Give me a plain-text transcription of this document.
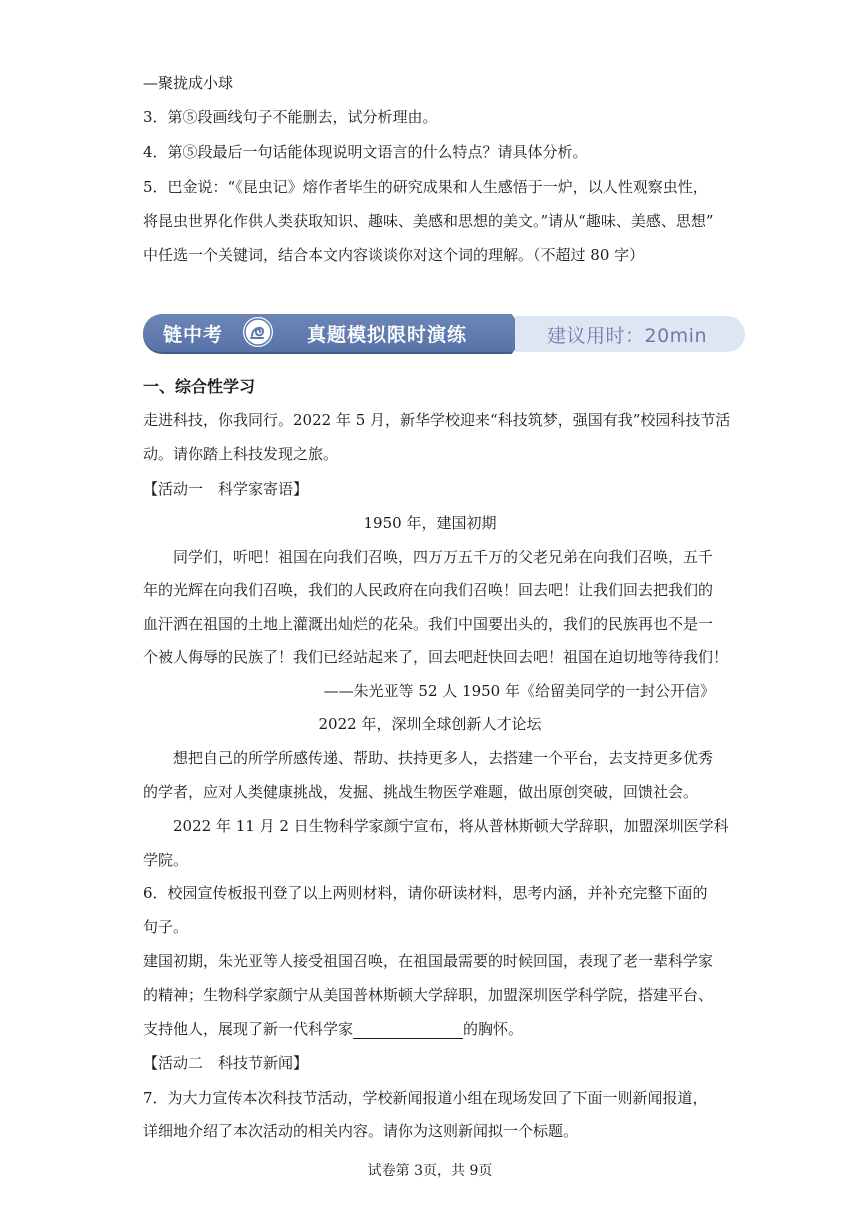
—聚拢成小球
3．第⑤段画线句子不能删去，试分析理由。
4．第⑤段最后一句话能体现说明文语言的什么特点？请具体分析。
5．巴金说：“《昆虫记》熔作者毕生的研究成果和人生感悟于一炉，以人性观察虫性，
将昆虫世界化作供人类获取知识、趣味、美感和思想的美文。”请从“趣味、美感、思想”
中任选一个关键词，结合本文内容谈谈你对这个词的理解。（不超过 80 字）
建议用时：20min
链中考	真题模拟限时演练
一、综合性学习
走进科技，你我同行。2022 年 5 月，新华学校迎来“科技筑梦，强国有我”校园科技节活
动。请你踏上科技发现之旅。
【活动一　科学家寄语】
1950 年，建国初期
同学们，听吧！祖国在向我们召唤，四万万五千万的父老兄弟在向我们召唤，五千
年的光辉在向我们召唤，我们的人民政府在向我们召唤！回去吧！让我们回去把我们的
血汗洒在祖国的土地上灌溉出灿烂的花朵。我们中国要出头的，我们的民族再也不是一
个被人侮辱的民族了！我们已经站起来了，回去吧赶快回去吧！祖国在迫切地等待我们！
——朱光亚等 52 人 1950 年《给留美同学的一封公开信》
2022 年，深圳全球创新人才论坛
想把自己的所学所感传递、帮助、扶持更多人，去搭建一个平台，去支持更多优秀
的学者，应对人类健康挑战，发掘、挑战生物医学难题，做出原创突破，回馈社会。
2022 年 11 月 2 日生物科学家颜宁宣布，将从普林斯顿大学辞职，加盟深圳医学科
学院。
6．校园宣传板报刊登了以上两则材料，请你研读材料，思考内涵，并补充完整下面的
句子。
建国初期，朱光亚等人接受祖国召唤，在祖国最需要的时候回国，表现了老一辈科学家
的精神；生物科学家颜宁从美国普林斯顿大学辞职，加盟深圳医学科学院，搭建平台、
支持他人，展现了新一代科学家	的胸怀。
【活动二　科技节新闻】
7．为大力宣传本次科技节活动，学校新闻报道小组在现场发回了下面一则新闻报道，
详细地介绍了本次活动的相关内容。请你为这则新闻拟一个标题。
试卷第 3页，共 9页
